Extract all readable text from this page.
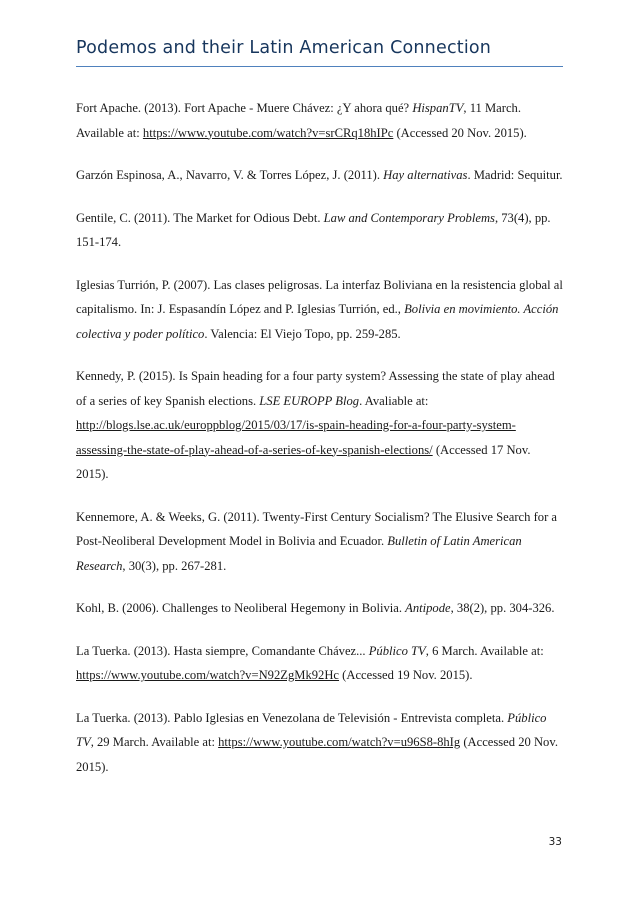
Podemos and their Latin American Connection

Fort Apache. (2013). Fort Apache - Muere Chávez: ¿Y ahora qué? HispanTV, 11 March. Available at: https://www.youtube.com/watch?v=srCRq18hIPc (Accessed 20 Nov. 2015).

Garzón Espinosa, A., Navarro, V. & Torres López, J. (2011). Hay alternativas. Madrid: Sequitur.

Gentile, C. (2011). The Market for Odious Debt. Law and Contemporary Problems, 73(4), pp. 151-174.

Iglesias Turrión, P. (2007). Las clases peligrosas. La interfaz Boliviana en la resistencia global al capitalismo. In: J. Espasandín López and P. Iglesias Turrión, ed., Bolivia en movimiento. Acción colectiva y poder político. Valencia: El Viejo Topo, pp. 259-285.

Kennedy, P. (2015). Is Spain heading for a four party system? Assessing the state of play ahead of a series of key Spanish elections. LSE EUROPP Blog. Avaliable at: http://blogs.lse.ac.uk/europpblog/2015/03/17/is-spain-heading-for-a-four-party-system-assessing-the-state-of-play-ahead-of-a-series-of-key-spanish-elections/ (Accessed 17 Nov. 2015).

Kennemore, A. & Weeks, G. (2011). Twenty-First Century Socialism? The Elusive Search for a Post-Neoliberal Development Model in Bolivia and Ecuador. Bulletin of Latin American Research, 30(3), pp. 267-281.

Kohl, B. (2006). Challenges to Neoliberal Hegemony in Bolivia. Antipode, 38(2), pp. 304-326.

La Tuerka. (2013). Hasta siempre, Comandante Chávez... Público TV, 6 March. Available at: https://www.youtube.com/watch?v=N92ZgMk92Hc (Accessed 19 Nov. 2015).

La Tuerka. (2013). Pablo Iglesias en Venezolana de Televisión - Entrevista completa. Público TV, 29 March. Available at: https://www.youtube.com/watch?v=u96S8-8hIg (Accessed 20 Nov. 2015).

33
